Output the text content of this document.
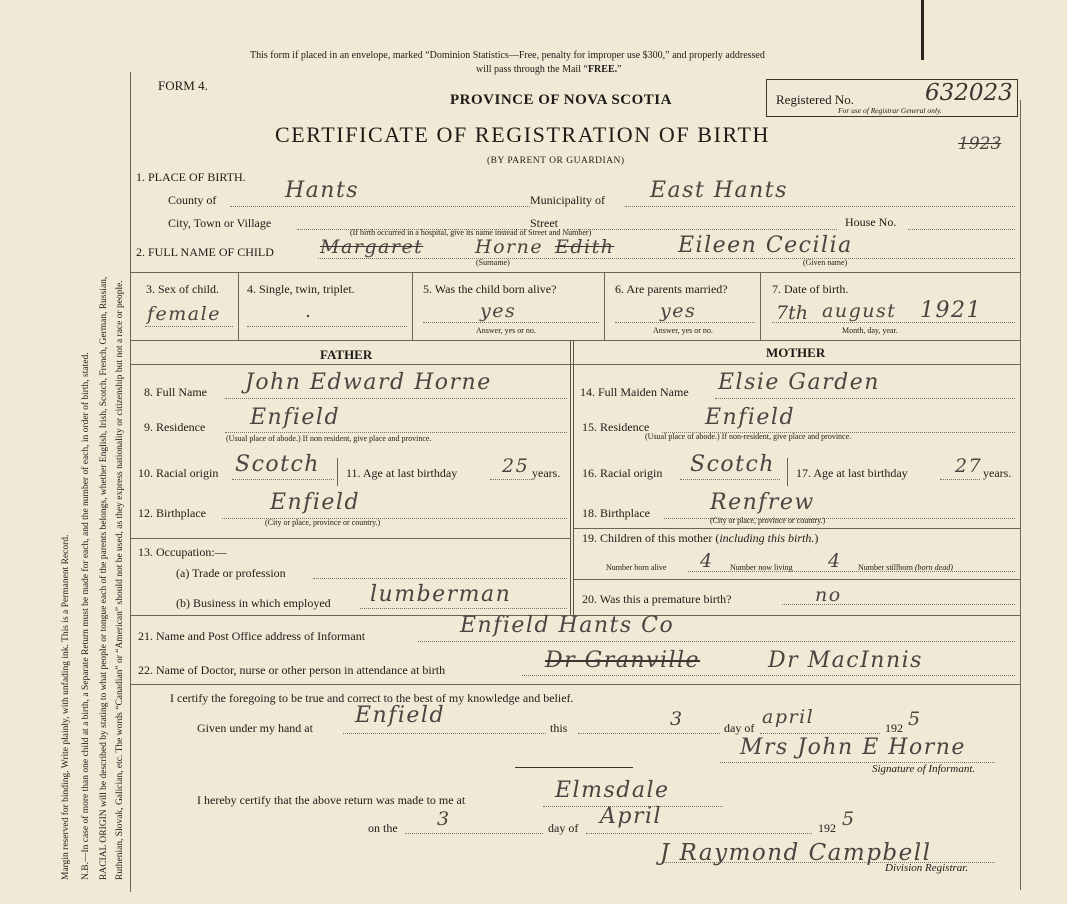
Margin reserved for binding. Write plainly, with unfading ink. This is a Permanent Record. N.B.—In case of more than one child at a birth, a Separate Return must be made for each, and the number of each, in order of birth, stated. RACIAL ORIGIN will be described by stating to what people or tongue each of the parents belongs, whether English, Irish, Scotch, French, German, Russian, Ruthenian, Slovak, Galician, etc. The words “Canadian” or “American” should not be used, as they express nationality or citizenship but not a race or people.
This form if placed in an envelope, marked “Dominion Statistics—Free, penalty for improper use $300,” and properly addressed
will pass through the Mail “FREE.”
FORM 4.
PROVINCE OF NOVA SCOTIA
CERTIFICATE OF REGISTRATION OF BIRTH
(BY PARENT OR GUARDIAN)
Registered No.
For use of Registrar General only.
632023
1923
1. PLACE OF BIRTH.
County of	Hants	Municipality of East Hants
City, Town or Village	Street	House No.
(If birth occurred in a hospital, give its name instead of Street and Number)
2. FULL NAME OF CHILD Margaret	Horne Edith	Eileen Cecilia
(Surname)	(Given name)
3. Sex of child.
female
4. Single, twin, triplet.
.
5. Was the child born alive?
yes
Answer, yes or no.
6. Are parents married?
yes
Answer, yes or no.
7. Date of birth.
7th august 1921
Month, day, year.
FATHER	MOTHER
8. Full Name John Edward Horne
9. Residence Enfield
(Usual place of abode.) If non resident, give place and province.
10. Racial origin Scotch 11. Age at last birthday 25 years.
12. Birthplace	Enfield
(City or place, province or country.)
13. Occupation:—
(a) Trade or profession
(b) Business in which employed lumberman
14. Full Maiden Name Elsie Garden
15. Residence	Enfield
(Usual place of abode.) If non-resident, give place and province.
16. Racial origin Scotch 17. Age at last birthday 27 years.
18. Birthplace	Renfrew
(City or place, province or country.)
19. Children of this mother (including this birth.)
Number born alive 4 Number now living 4 Number stillborn (born dead)
20. Was this a premature birth?	no
21. Name and Post Office address of Informant	Enfield Hants Co
22. Name of Doctor, nurse or other person in attendance at birth	Dr Granville	Dr MacInnis
I certify the foregoing to be true and correct to the best of my knowledge and belief.
Given under my hand at Enfield	this	3	day of april	192 5
Mrs John E Horne
Signature of Informant.
I hereby certify that the above return was made to me at	Elmsdale
on the 3	day of April	192 5
J Raymond Campbell
Division Registrar.
